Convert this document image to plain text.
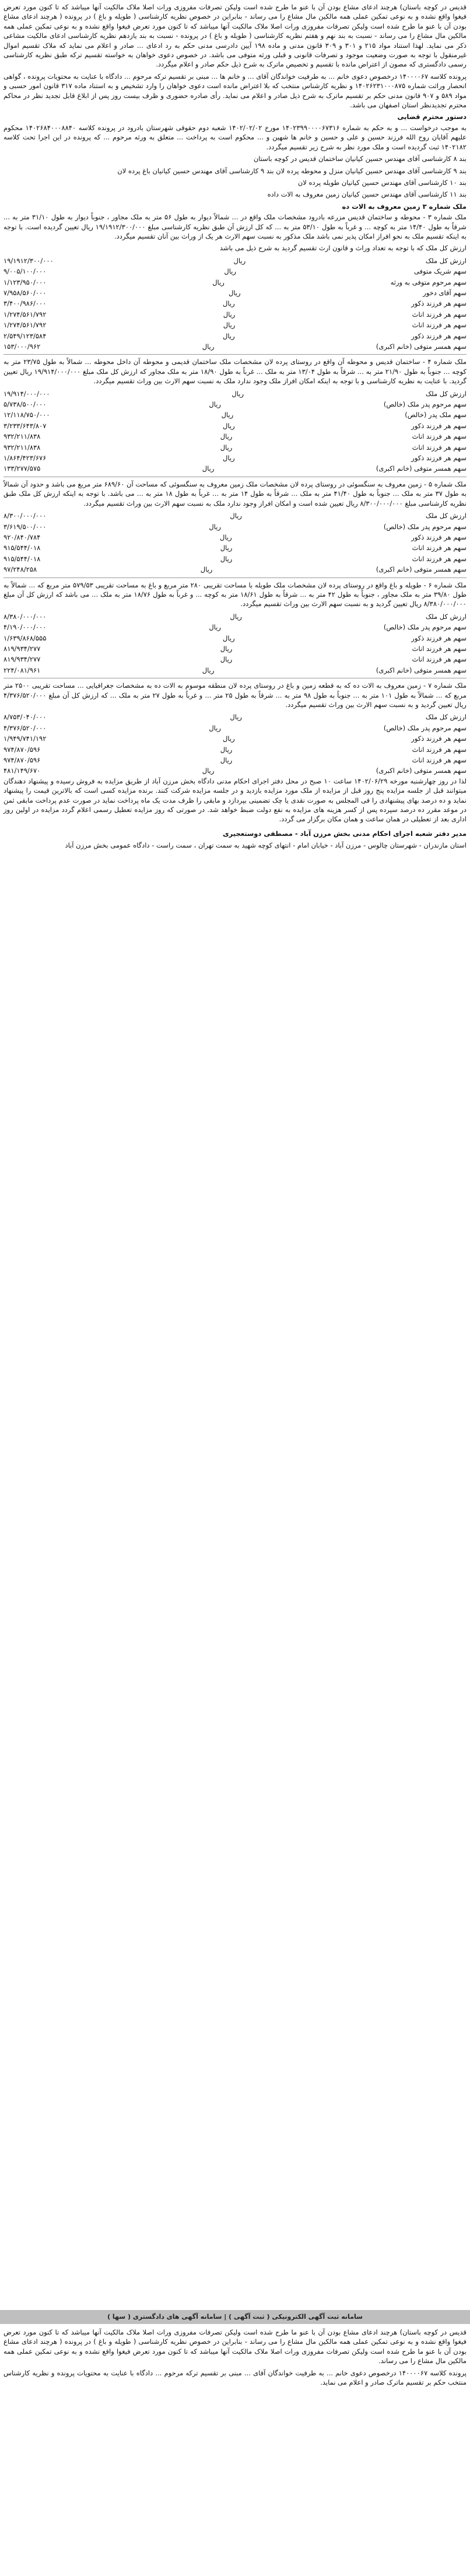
قدیس در کوچه باستان) هرچند ادعای مشاع بودن آن با عنو ما طرح شده است ولیکن تصرفات مفروزی ورات اصلا ملاک مالکیت آنها میباشد که تا کنون مورد تعرض فیغوا واقع نشده و به نوعی تمکین عملی همه مالکین مال مشاع را می رساند - بنابراین در خصوص نظریه کارشناسی ( طویله و باغ ) در پرونده ( هرچند ادعای مشاع بودن آن با عنو ما طرح شده است ولیکن تصرفات مفروزی ورات اصلا ملاک مالکیت آنها میباشد که تا کنون مورد تعرض فیغوا واقع نشده و به نوعی تمکین عملی همه مالکین مال مشاع را می رساند - نسبت به بند نهم و هفتم نظریه کارشناسی ( طویله و باغ ) در پرونده - نسبت به بند یازدهم نظریه کارشناسی ادعای مالکیت مشاعی ذکر می نماید. لهذا استناد مواد ۲۱۵ و ۳۰۱ و ۳۰۹ قانون مدنی و ماده ۱۹۸ آیین دادرسی مدنی حکم به رد ادعای ... صادر و اعلام می نماید که ملاک تقسیم اموال غیرمنقول با توجه به صورت وضعیت موجود و تصرفات قانونی و قبلی ورثه متوفی می باشد. در خصوص دعوی خواهان به خواسته تقسیم ترکه طبق نظریه کارشناسی رسمی دادگستری که مصون از اعتراض مانده با تقسیم و تخصیص ماترک به شرح ذیل حکم صادر و اعلام میگردد.

پرونده کلاسه ۱۴۰۰۰۰۶۷ درخصوص دعوی خانم ... به طرفیت خواندگان آقای ... و خانم ها ... مبنی بر تقسیم ترکه مرحوم ... دادگاه با عنایت به محتویات پرونده ، گواهی انحصار وراثت شماره ۱۴۰۲۶۲۳۱۰۰۰۸۷۵ و نظریه کارشناس منتخب که بلا اعتراض مانده است دعوی خواهان را وارد تشخیص و به استناد ماده ۳۱۷ قانون امور حسبی و مواد ۵۸۹ و ۹۰۷ قانون مدنی حکم بر تقسیم ماترک به شرح ذیل صادر و اعلام می نماید. رأی صادره حضوری و ظرف بیست روز پس از ابلاغ قابل تجدید نظر در محاکم محترم تجدیدنظر استان اصفهان می باشد.

دستور محترم قضایی

به موجب درخواست ... و به حکم به شماره ۱۴۰۲۳۹۹۰۰۰۰۶۷۳۱۶ مورخ ۱۴۰۲/۰۲/۰۲ شعبه دوم حقوقی شهرستان بادرود در پرونده کلاسه ۱۴۰۲۶۸۴۰۰۰۸۸۴۰ محکوم علیهم آقایان روح الله فرزند حسین و علی و حسین و خانم ها شهین و ... محکوم است به پرداخت ... متعلق به ورثه مرحوم ... که پرونده در این اجرا تحت کلاسه ۱۴۰۲۱۸۲ ثبت گردیده است و ملک مورد نظر به شرح زیر تقسیم میگردد.

بند ۸ کارشناسی آقای مهندس حسین کیانیان ساختمان قدیس در کوچه باستان

بند ۹ کارشناسی آقای مهندس حسین کیانیان منزل و محوطه پرده لان بند ۹ کارشناسی آقای مهندس حسین کیانیان باغ پرده لان

بند ۱۰ کارشناسی آقای مهندس حسین کیانیان طویله پرده لان

بند ۱۱ کارشناسی آقای مهندس حسین کیانیان زمین معروف به الات داده

ملک شماره ۳ زمین معروف به الات ده

ملک شماره ۳ - محوطه و ساختمان قدیس مزرعه بادرود مشخصات ملک واقع در ... شمالاً دیوار به طول ۵۶ متر به ملک مجاور ، جنوباً دیوار به طول ۳۱/۱۰ متر به ... شرقاً به طول ۱۴/۴۰ متر به کوچه ... و غرباً به طول ۵۳/۱۰ متر به ... که کل ارزش آن طبق نظریه کارشناسی مبلغ ۱۹/۱۹۱۲/۳۰۰/۰۰۰ ریال تعیین گردیده است. با توجه به اینکه تقسیم ملک به نحو افراز امکان پذیر نمی باشد ملک مذکور به نسبت سهم الارث هر یک از وراث بین آنان تقسیم میگردد.

ارزش کل ملک که با توجه به تعداد وراث و قانون ارث تقسیم گردید به شرح ذیل می باشد

ارزش کل ملک
ریال
۱۹/۱۹۱۲/۳۰۰/۰۰۰
سهم شریک متوفی
ریال
۹/۰۰۵/۱۰۰/۰۰۰
سهم مرحوم متوفی به ورثه
ریال
۱/۱۲۳/۹۵۰/۰۰۰
سهم آقای دخور
ریال
۷/۹۵۸/۵۶۰/۰۰۰
سهم هر فرزند ذکور
ریال
۳/۴۰۰/۹۸۶/۰۰۰
سهم هر فرزند اناث
ریال
۱/۲۷۴/۵۶۱/۷۹۲
سهم هر فرزند اناث
ریال
۱/۲۷۴/۵۶۱/۷۹۲
سهم هر فرزند ذکور
ریال
۲/۵۴۹/۱۲۳/۵۸۴
سهم همسر متوفی (خانم اکبری)
ریال
۱۵۳/۰۰۰/۹۶۲

ملک شماره ۴ - ساختمان قدیس و محوطه آن واقع در روستای پرده لان مشخصات ملک ساختمان قدیمی و محوطه آن داخل محوطه ... شمالاً به طول ۲۳/۷۵ متر به کوچه ... جنوباً به طول ۲۱/۹۰ متر به ... شرقاً به طول ۱۳/۰۴ متر به ملک ... غرباً به طول ۱۸/۹۰ متر به ملک مجاور که ارزش کل ملک مبلغ ۱۹/۹۱۴/۰۰۰/۰۰۰ ریال تعیین گردید. با عنایت به نظریه کارشناسی و با توجه به اینکه امکان افراز ملک وجود ندارد ملک به نسبت سهم الارث بین وراث تقسیم میگردد.

ارزش کل ملک
ریال
۱۹/۹۱۴/۰۰۰/۰۰۰
سهم مرحوم پدر ملک (خالص)
ریال
۵/۷۳۸/۵۰۰/۰۰۰
سهم ملک پدر (خالص)
ریال
۱۲/۱۱۸/۷۵۰/۰۰۰
سهم هر فرزند ذکور
ریال
۳/۲۳۳/۶۴۳/۸۰۷
سهم هر فرزند اناث
ریال
۹۳۲/۲۱۱/۸۳۸
سهم هر فرزند اناث
ریال
۹۳۲/۲۱۱/۸۳۸
سهم هر فرزند ذکور
ریال
۱/۸۶۴/۴۲۳/۶۷۶
سهم همسر متوفی (خانم اکبری)
ریال
۱۳۳/۲۷۷/۵۷۵

ملک شماره ۵ - زمین معروف به سنگسوئی در روستای پرده لان مشخصات ملک زمین معروف به سنگسوئی که مساحت آن ۶۸۹/۶۰ متر مربع می باشد و حدود آن شمالاً به طول ۳۷ متر به ملک ... جنوباً به طول ۴۱/۴۰ متر به ملک ... شرقاً به طول ۱۴ متر به ... غرباً به طول ۱۸ متر به ... می باشد. با توجه به اینکه ارزش کل ملک طبق نظریه کارشناسی مبلغ ۸/۳۰۰/۰۰۰/۰۰۰ ریال تعیین شده است و امکان افراز وجود ندارد ملک به نسبت سهم الارث بین وراث تقسیم میگردد.

ارزش کل ملک
ریال
۸/۳۰۰/۰۰۰/۰۰۰
سهم مرحوم پدر ملک (خالص)
ریال
۳/۶۱۹/۵۰۰/۰۰۰
سهم هر فرزند ذکور
ریال
۹۲۰/۸۴۰/۷۸۴
سهم هر فرزند اناث
ریال
۹۱۵/۵۴۴/۰۱۸
سهم هر فرزند اناث
ریال
۹۱۵/۵۴۴/۰۱۸
سهم همسر متوفی (خانم اکبری)
ریال
۹۷/۲۴۸/۲۵۸

ملک شماره ۶ - طویله و باغ واقع در روستای پرده لان مشخصات ملک طویله با مساحت تقریبی ۲۸۰ متر مربع و باغ به مساحت تقریبی ۵۷۹/۵۳ متر مربع که ... شمالاً به طول ۳۹/۸۰ متر به ملک مجاور ، جنوباً به طول ۴۲ متر به ... شرقاً به طول ۱۸/۶۱ متر به کوچه ... و غرباً به طول ۱۸/۷۶ متر به ملک ... می باشد که ارزش کل آن مبلغ ۸/۳۸۰/۰۰۰/۰۰۰ ریال تعیین گردید و به نسبت سهم الارث بین وراث تقسیم میگردد.

ارزش کل ملک
ریال
۸/۳۸۰/۰۰۰/۰۰۰
سهم مرحوم پدر ملک (خالص)
ریال
۴/۱۹۰/۰۰۰/۰۰۰
سهم هر فرزند ذکور
ریال
۱/۶۳۹/۸۶۸/۵۵۵
سهم هر فرزند اناث
ریال
۸۱۹/۹۳۴/۲۷۷
سهم هر فرزند اناث
ریال
۸۱۹/۹۳۴/۲۷۷
سهم همسر متوفی (خانم اکبری)
ریال
۲۲۴/۰۸۱/۹۶۱

ملک شماره ۷ - زمین معروف به الات ده که به قطعه زمین و باغ در روستای پرده لان منطقه موسوم به الات ده به مشخصات جغرافیایی ... مساحت تقریبی ۲۵۰۰ متر مربع که ... شمالاً به طول ۱۰۱ متر به ... جنوباً به طول ۹۸ متر به ... شرقاً به طول ۲۵ متر ... و غرباً به طول ۲۷ متر به ملک ... که ارزش کل آن مبلغ ۴/۳۷۶/۵۲۰/۰۰۰ ریال تعیین گردید و به نسبت سهم الارث بین وراث تقسیم میگردد.

ارزش کل ملک
ریال
۸/۷۵۳/۰۴۰/۰۰۰
سهم مرحوم پدر ملک (خالص)
ریال
۴/۳۷۶/۵۲۰/۰۰۰
سهم هر فرزند ذکور
ریال
۱/۹۴۹/۷۴۱/۱۹۲
سهم هر فرزند اناث
ریال
۹۷۴/۸۷۰/۵۹۶
سهم هر فرزند اناث
ریال
۹۷۴/۸۷۰/۵۹۶
سهم همسر متوفی (خانم اکبری)
ریال
۴۸۱/۱۴۹/۶۷۰

لذا در روز چهارشنبه مورخه ۱۴۰۲/۰۶/۲۹ ساعت ۱۰ صبح در محل دفتر اجرای احکام مدنی دادگاه بخش مرزن آباد از طریق مزایده به فروش رسیده و پیشنهاد دهندگان میتوانند قبل از جلسه مزایده پنج روز قبل از مزایده از ملک مورد مزایده بازدید و در جلسه مزایده شرکت کنند. برنده مزایده کسی است که بالاترین قیمت را پیشنهاد نماید و ده درصد بهای پیشنهادی را فی المجلس به صورت نقدی یا چک تضمینی بپردازد و مابقی را ظرف مدت یک ماه پرداخت نماید در صورت عدم پرداخت مابقی ثمن در موعد مقرر ده درصد سپرده پس از کسر هزینه های مزایده به نفع دولت ضبط خواهد شد. در صورتی که روز مزایده تعطیل رسمی اعلام گردد مزایده در اولین روز اداری بعد از تعطیلی در همان ساعت و همان مکان برگزار می گردد.

مدیر دفتر شعبه اجرای احکام مدنی بخش مرزن آباد - مصطفی دوستعجیری

استان مازندران - شهرستان چالوس - مرزن آباد - خیابان امام - انتهای کوچه شهید به سمت تهران ، سمت راست - دادگاه عمومی بخش مرزن آباد

سامانه ثبت آگهی الکترونیکی ( ثبت آگهی ) | سامانه آگهی های دادگستری ( سها )

قدیس در کوچه باستان) هرچند ادعای مشاع بودن آن با عنو ما طرح شده است ولیکن تصرفات مفروزی ورات اصلا ملاک مالکیت آنها میباشد که تا کنون مورد تعرض فیغوا واقع نشده و به نوعی تمکین عملی همه مالکین مال مشاع را می رساند - بنابراین در خصوص نظریه کارشناسی ( طویله و باغ ) در پرونده ( هرچند ادعای مشاع بودن آن با عنو ما طرح شده است ولیکن تصرفات مفروزی ورات اصلا ملاک مالکیت آنها میباشد که تا کنون مورد تعرض فیغوا واقع نشده و به نوعی تمکین عملی همه مالکین مال مشاع را می رساند.

پرونده کلاسه ۱۴۰۰۰۰۶۷ درخصوص دعوی خانم ... به طرفیت خواندگان آقای ... مبنی بر تقسیم ترکه مرحوم ... دادگاه با عنایت به محتویات پرونده و نظریه کارشناس منتخب حکم بر تقسیم ماترک صادر و اعلام می نماید.
